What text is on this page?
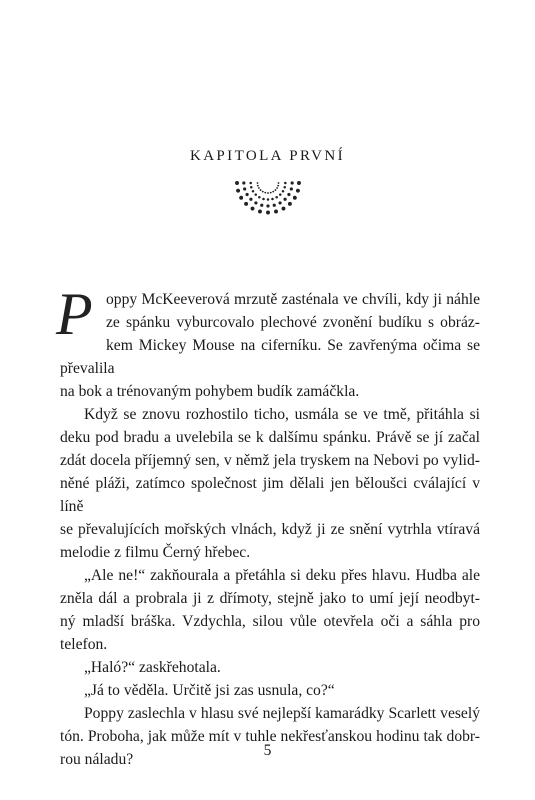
KAPITOLA PRVNÍ

P oppy McKeeverová mrzutě zasténala ve chvíli, kdy ji náhle
ze spánku vyburcovalo plechové zvonění budíku s obráz-
kem Mickey Mouse na ciferníku. Se zavřenýma očima se převalila
na bok a trénovaným pohybem budík zamáčkla.

Když se znovu rozhostilo ticho, usmála se ve tmě, přitáhla si
deku pod bradu a uvelebila se k dalšímu spánku. Právě se jí začal
zdát docela příjemný sen, v němž jela tryskem na Nebovi po vylid-
něné pláži, zatímco společnost jim dělali jen běloušci cválající v líně
se převalujících mořských vlnách, když ji ze snění vytrhla vtíravá
melodie z filmu Černý hřebec.

„Ale ne!“ zakňourala a přetáhla si deku přes hlavu. Hudba ale
zněla dál a probrala ji z dřímoty, stejně jako to umí její neodbyt-
ný mladší bráška. Vzdychla, silou vůle otevřela oči a sáhla pro
telefon.

„Haló?“ zaskřehotala.

„Já to věděla. Určitě jsi zas usnula, co?“

Poppy zaslechla v hlasu své nejlepší kamarádky Scarlett veselý
tón. Proboha, jak může mít v tuhle nekřesťanskou hodinu tak dobr-
rou náladu?

5
